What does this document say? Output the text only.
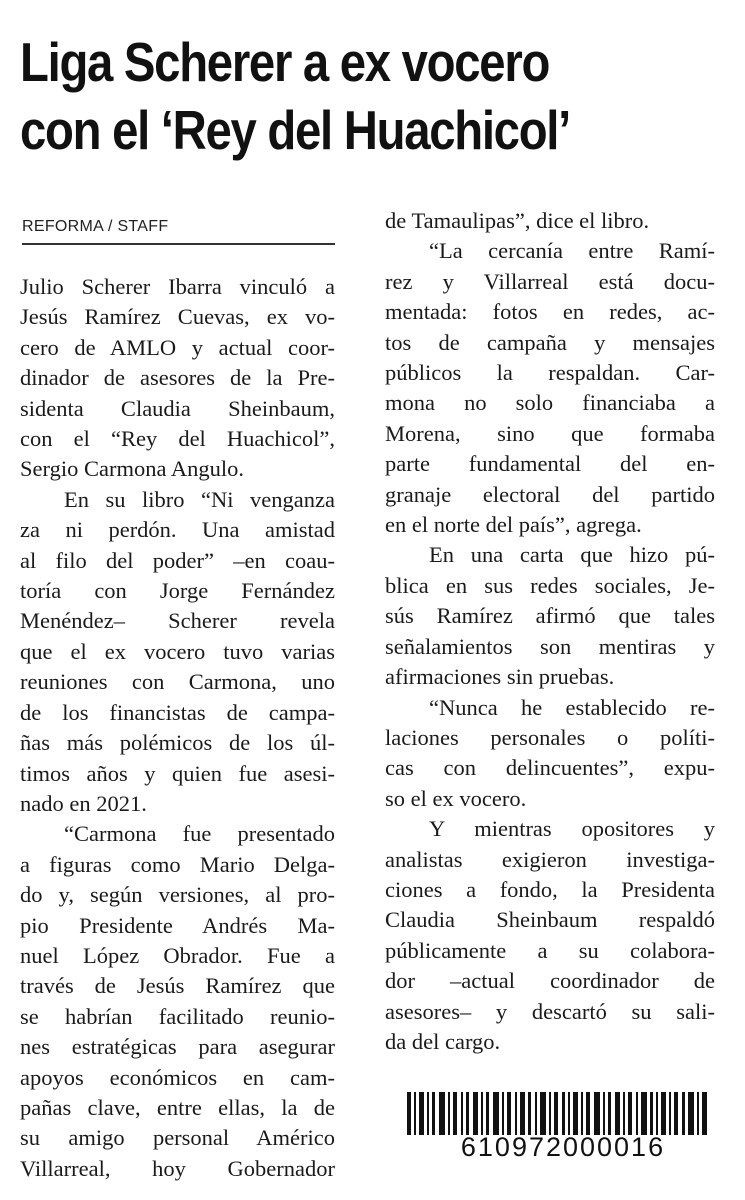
Liga Scherer a ex vocero
con el ‘Rey del Huachicol’
REFORMA / STAFF
Julio Scherer Ibarra vinculó a
Jesús Ramírez Cuevas, ex vo-
cero de AMLO y actual coor-
dinador de asesores de la Pre-
sidenta Claudia Sheinbaum,
con el “Rey del Huachicol”,
Sergio Carmona Angulo.
En su libro “Ni venganza
za ni perdón. Una amistad
al filo del poder” –en coau-
toría con Jorge Fernández
Menéndez– Scherer revela
que el ex vocero tuvo varias
reuniones con Carmona, uno
de los financistas de campa-
ñas más polémicos de los úl-
timos años y quien fue asesi-
nado en 2021.
“Carmona fue presentado
a figuras como Mario Delga-
do y, según versiones, al pro-
pio Presidente Andrés Ma-
nuel López Obrador. Fue a
través de Jesús Ramírez que
se habrían facilitado reunio-
nes estratégicas para asegurar
apoyos económicos en cam-
pañas clave, entre ellas, la de
su amigo personal Américo
Villarreal, hoy Gobernador
de Tamaulipas”, dice el libro.
“La cercanía entre Ramí-
rez y Villarreal está docu-
mentada: fotos en redes, ac-
tos de campaña y mensajes
públicos la respaldan. Car-
mona no solo financiaba a
Morena, sino que formaba
parte fundamental del en-
granaje electoral del partido
en el norte del país”, agrega.
En una carta que hizo pú-
blica en sus redes sociales, Je-
sús Ramírez afirmó que tales
señalamientos son mentiras y
afirmaciones sin pruebas.
“Nunca he establecido re-
laciones personales o políti-
cas con delincuentes”, expu-
so el ex vocero.
Y mientras opositores y
analistas exigieron investiga-
ciones a fondo, la Presidenta
Claudia Sheinbaum respaldó
públicamente a su colabora-
dor –actual coordinador de
asesores– y descartó su sali-
da del cargo.
610972000016
